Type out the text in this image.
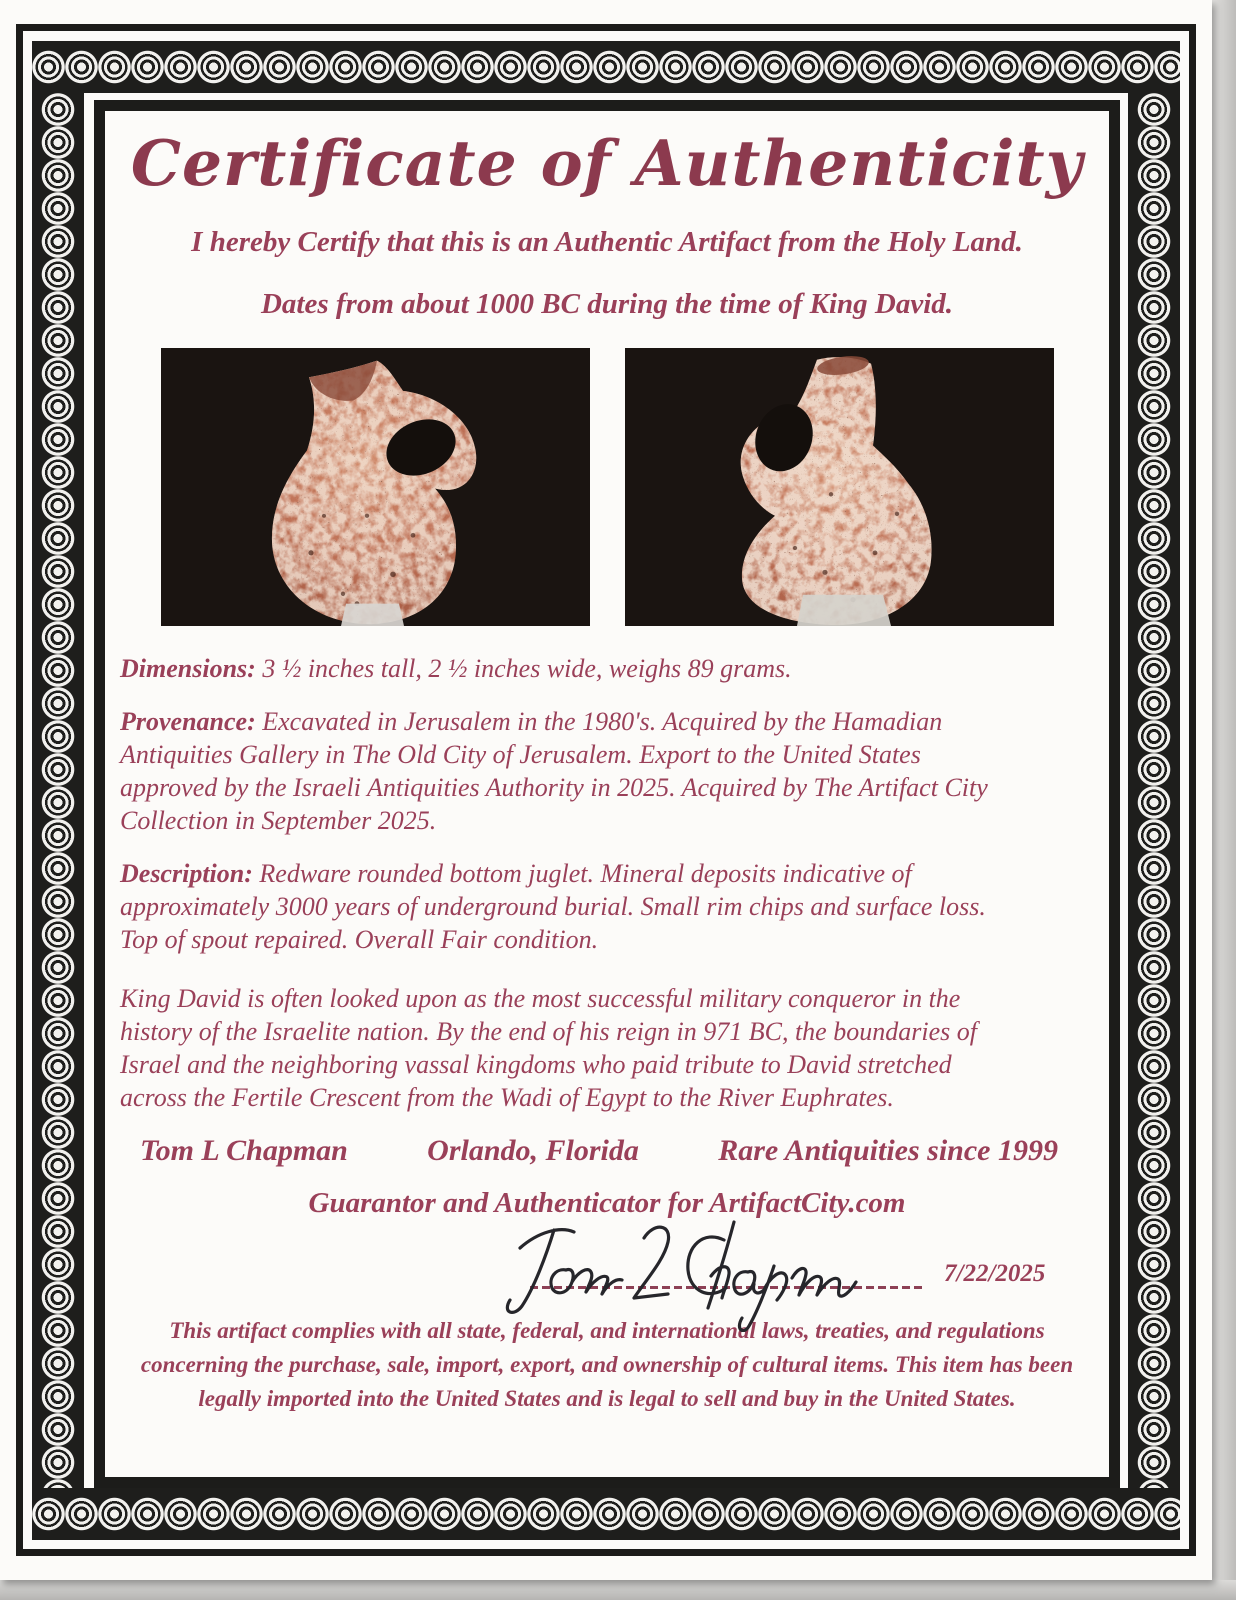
Certificate of Authenticity

I hereby Certify that this is an Authentic Artifact from the Holy Land.

Dates from about 1000 BC during the time of King David.

Dimensions: 3 ½ inches tall, 2 ½ inches wide, weighs 89 grams.

Provenance: Excavated in Jerusalem in the 1980's. Acquired by the Hamadian Antiquities Gallery in The Old City of Jerusalem. Export to the United States approved by the Israeli Antiquities Authority in 2025. Acquired by The Artifact City Collection in September 2025.

Description: Redware rounded bottom juglet. Mineral deposits indicative of approximately 3000 years of underground burial. Small rim chips and surface loss. Top of spout repaired. Overall Fair condition.

King David is often looked upon as the most successful military conqueror in the history of the Israelite nation. By the end of his reign in 971 BC, the boundaries of Israel and the neighboring vassal kingdoms who paid tribute to David stretched across the Fertile Crescent from the Wadi of Egypt to the River Euphrates.

Tom L Chapman	Orlando, Florida	Rare Antiquities since 1999

Guarantor and Authenticator for ArtifactCity.com

7/22/2025

This artifact complies with all state, federal, and international laws, treaties, and regulations concerning the purchase, sale, import, export, and ownership of cultural items. This item has been legally imported into the United States and is legal to sell and buy in the United States.
